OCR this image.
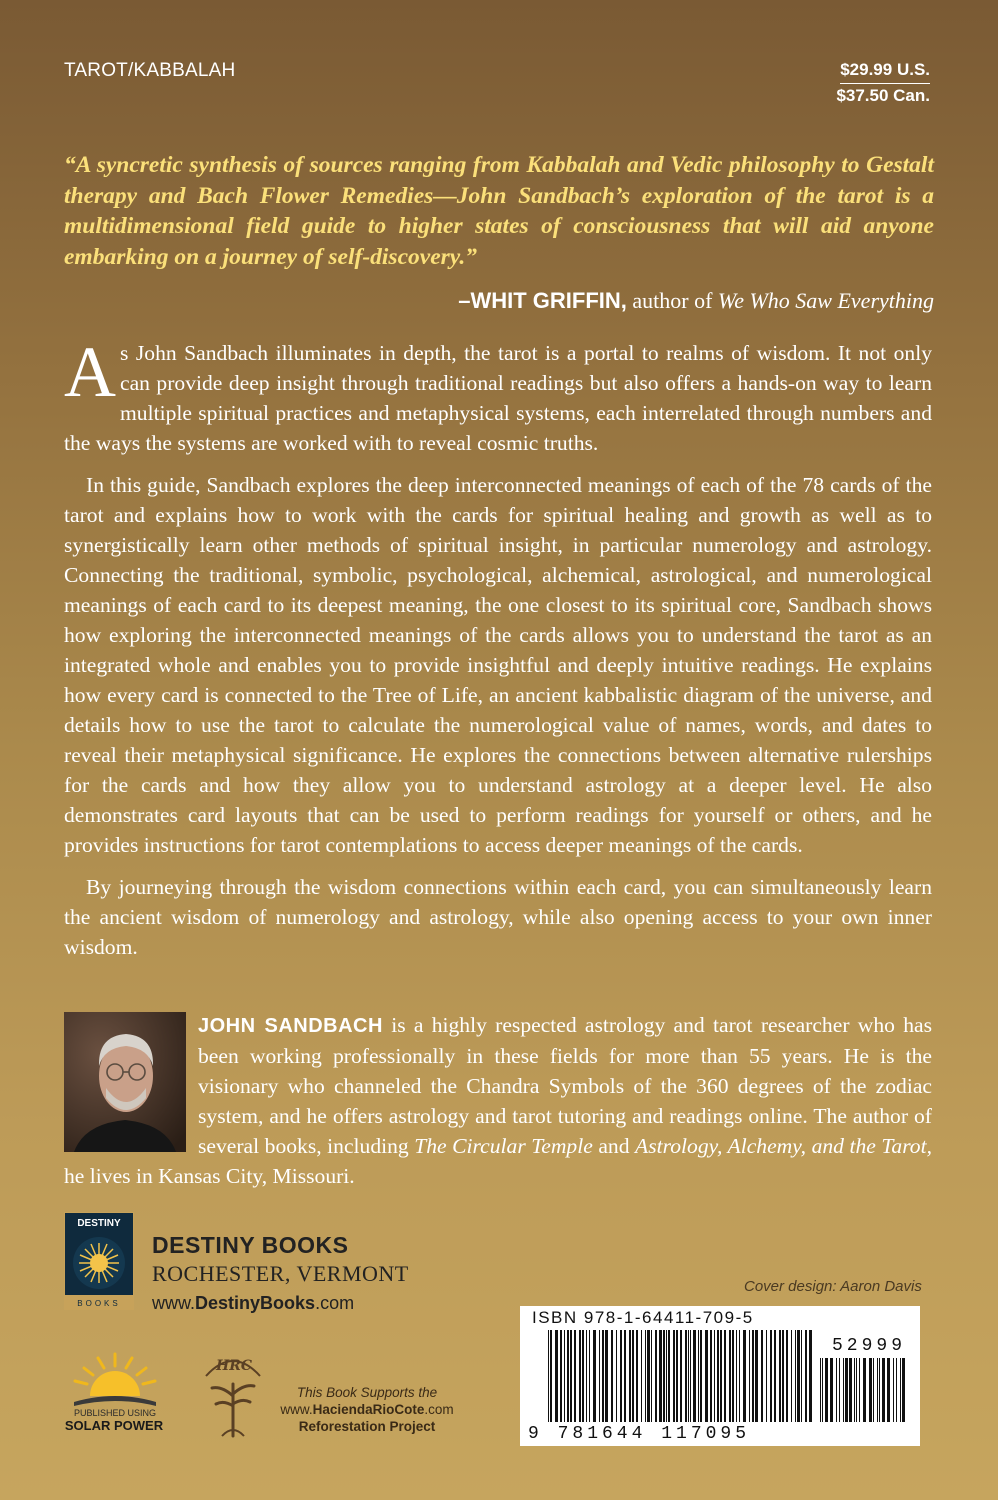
TAROT/KABBALAH	$29.99 U.S.
$37.50 Can.
“A syncretic synthesis of sources ranging from Kabbalah and Vedic philosophy to Gestalt therapy and Bach Flower Remedies—John Sandbach’s exploration of the tarot is a multidimensional field guide to higher states of consciousness that will aid anyone embarking on a journey of self-discovery.”
–WHIT GRIFFIN, author of We Who Saw Everything

As John Sandbach illuminates in depth, the tarot is a portal to realms of wisdom. It not only can provide deep insight through traditional readings but also offers a hands-on way to learn multiple spiritual practices and metaphysical systems, each interrelated through numbers and the ways the systems are worked with to reveal cosmic truths.

In this guide, Sandbach explores the deep interconnected meanings of each of the 78 cards of the tarot and explains how to work with the cards for spiritual healing and growth as well as to synergistically learn other methods of spiritual insight, in particular numerology and astrology. Connecting the traditional, symbolic, psychological, alchemical, astrological, and numerological meanings of each card to its deepest meaning, the one closest to its spiritual core, Sandbach shows how exploring the interconnected meanings of the cards allows you to understand the tarot as an integrated whole and enables you to provide insightful and deeply intuitive readings. He explains how every card is connected to the Tree of Life, an ancient kabbalistic diagram of the universe, and details how to use the tarot to calculate the numerological value of names, words, and dates to reveal their metaphysical significance. He explores the connections between alternative rulerships for the cards and how they allow you to understand astrology at a deeper level. He also demonstrates card layouts that can be used to perform readings for yourself or others, and he provides instructions for tarot contemplations to access deeper meanings of the cards.

By journeying through the wisdom connections within each card, you can simultaneously learn the ancient wisdom of numerology and astrology, while also opening access to your own inner wisdom.

JOHN SANDBACH is a highly respected astrology and tarot researcher who has been working professionally in these fields for more than 55 years. He is the visionary who channeled the Chandra Symbols of the 360 degrees of the zodiac system, and he offers astrology and tarot tutoring and readings online. The author of several books, including The Circular Temple and Astrology, Alchemy, and the Tarot, he lives in Kansas City, Missouri.
DESTINY
BOOKS
DESTINY BOOKS
ROCHESTER, VERMONT
www.DestinyBooks.com
Cover design: Aaron Davis
ISBN 978-1-64411-709-5
52999
9 781644 117095
PUBLISHED USING
SOLAR POWER
HRC
This Book Supports the
www.HaciendaRioCote.com
Reforestation Project
